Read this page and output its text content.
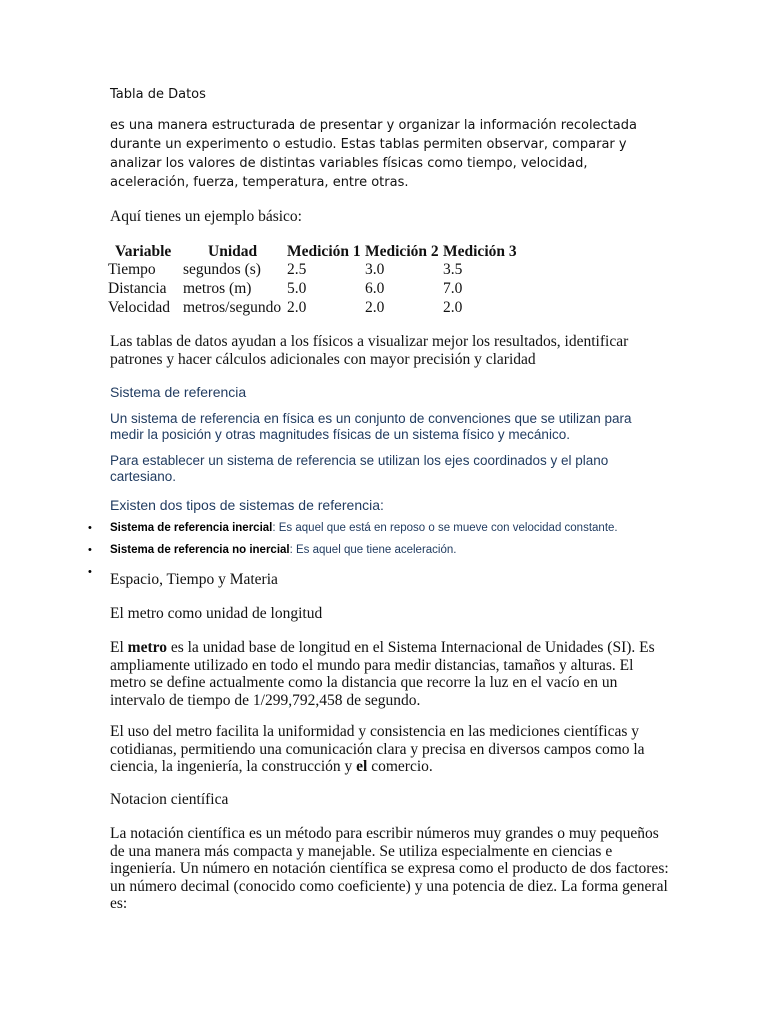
Tabla de Datos
es una manera estructurada de presentar y organizar la información recolectada durante un experimento o estudio. Estas tablas permiten observar, comparar y analizar los valores de distintas variables físicas como tiempo, velocidad, aceleración, fuerza, temperatura, entre otras.
Aquí tienes un ejemplo básico:
Variable	Unidad	Medición 1	Medición 2	Medición 3
Tiempo	segundos (s)	2.5	3.0	3.5
Distancia	metros (m)	5.0	6.0	7.0
Velocidad	metros/segundo	2.0	2.0	2.0
Las tablas de datos ayudan a los físicos a visualizar mejor los resultados, identificar patrones y hacer cálculos adicionales con mayor precisión y claridad
Sistema de referencia
Un sistema de referencia en física es un conjunto de convenciones que se utilizan para medir la posición y otras magnitudes físicas de un sistema físico y mecánico.
Para establecer un sistema de referencia se utilizan los ejes coordinados y el plano cartesiano.
Existen dos tipos de sistemas de referencia:
• Sistema de referencia inercial: Es aquel que está en reposo o se mueve con velocidad constante.
• Sistema de referencia no inercial: Es aquel que tiene aceleración.
• Espacio, Tiempo y Materia
El metro como unidad de longitud
El metro es la unidad base de longitud en el Sistema Internacional de Unidades (SI). Es ampliamente utilizado en todo el mundo para medir distancias, tamaños y alturas. El metro se define actualmente como la distancia que recorre la luz en el vacío en un intervalo de tiempo de 1/299,792,458 de segundo.
El uso del metro facilita la uniformidad y consistencia en las mediciones científicas y cotidianas, permitiendo una comunicación clara y precisa en diversos campos como la ciencia, la ingeniería, la construcción y el comercio.
Notacion científica
La notación científica es un método para escribir números muy grandes o muy pequeños de una manera más compacta y manejable. Se utiliza especialmente en ciencias e ingeniería. Un número en notación científica se expresa como el producto de dos factores: un número decimal (conocido como coeficiente) y una potencia de diez. La forma general es:
